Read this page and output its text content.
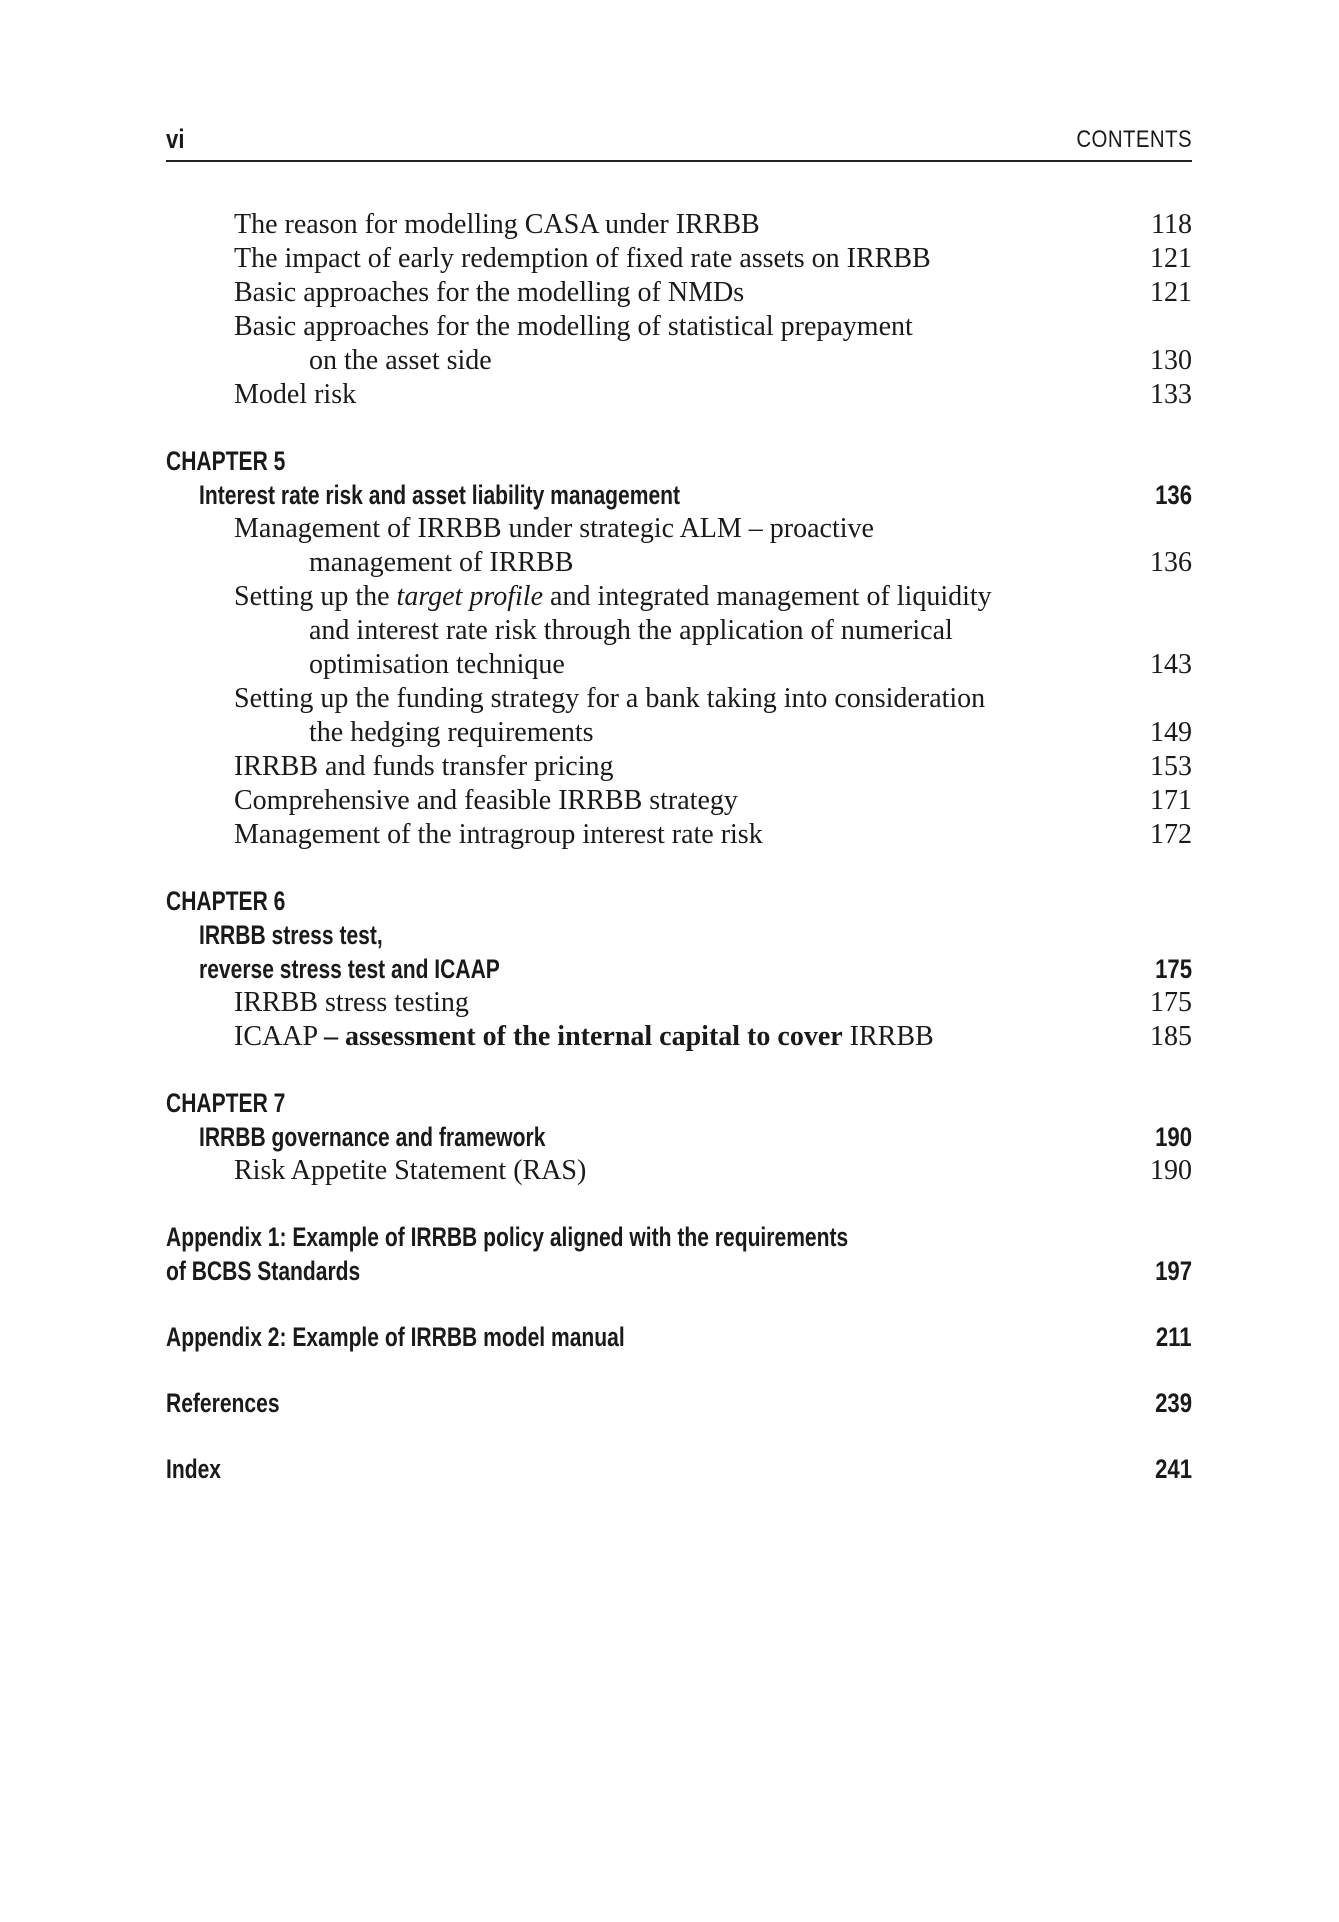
vi	CONTENTS
The reason for modelling CASA under IRRBB	118
The impact of early redemption of fixed rate assets on IRRBB	121
Basic approaches for the modelling of NMDs	121
Basic approaches for the modelling of statistical prepayment
on the asset side	130
Model risk	133
CHAPTER 5
Interest rate risk and asset liability management	136
Management of IRRBB under strategic ALM – proactive
management of IRRBB	136
Setting up the target profile and integrated management of liquidity
and interest rate risk through the application of numerical
optimisation technique	143
Setting up the funding strategy for a bank taking into consideration
the hedging requirements	149
IRRBB and funds transfer pricing	153
Comprehensive and feasible IRRBB strategy	171
Management of the intragroup interest rate risk	172
CHAPTER 6
IRRBB stress test,
reverse stress test and ICAAP	175
IRRBB stress testing	175
ICAAP – assessment of the internal capital to cover IRRBB	185
CHAPTER 7
IRRBB governance and framework	190
Risk Appetite Statement (RAS)	190
Appendix 1: Example of IRRBB policy aligned with the requirements
of BCBS Standards	197
Appendix 2: Example of IRRBB model manual	211
References	239
Index	241
